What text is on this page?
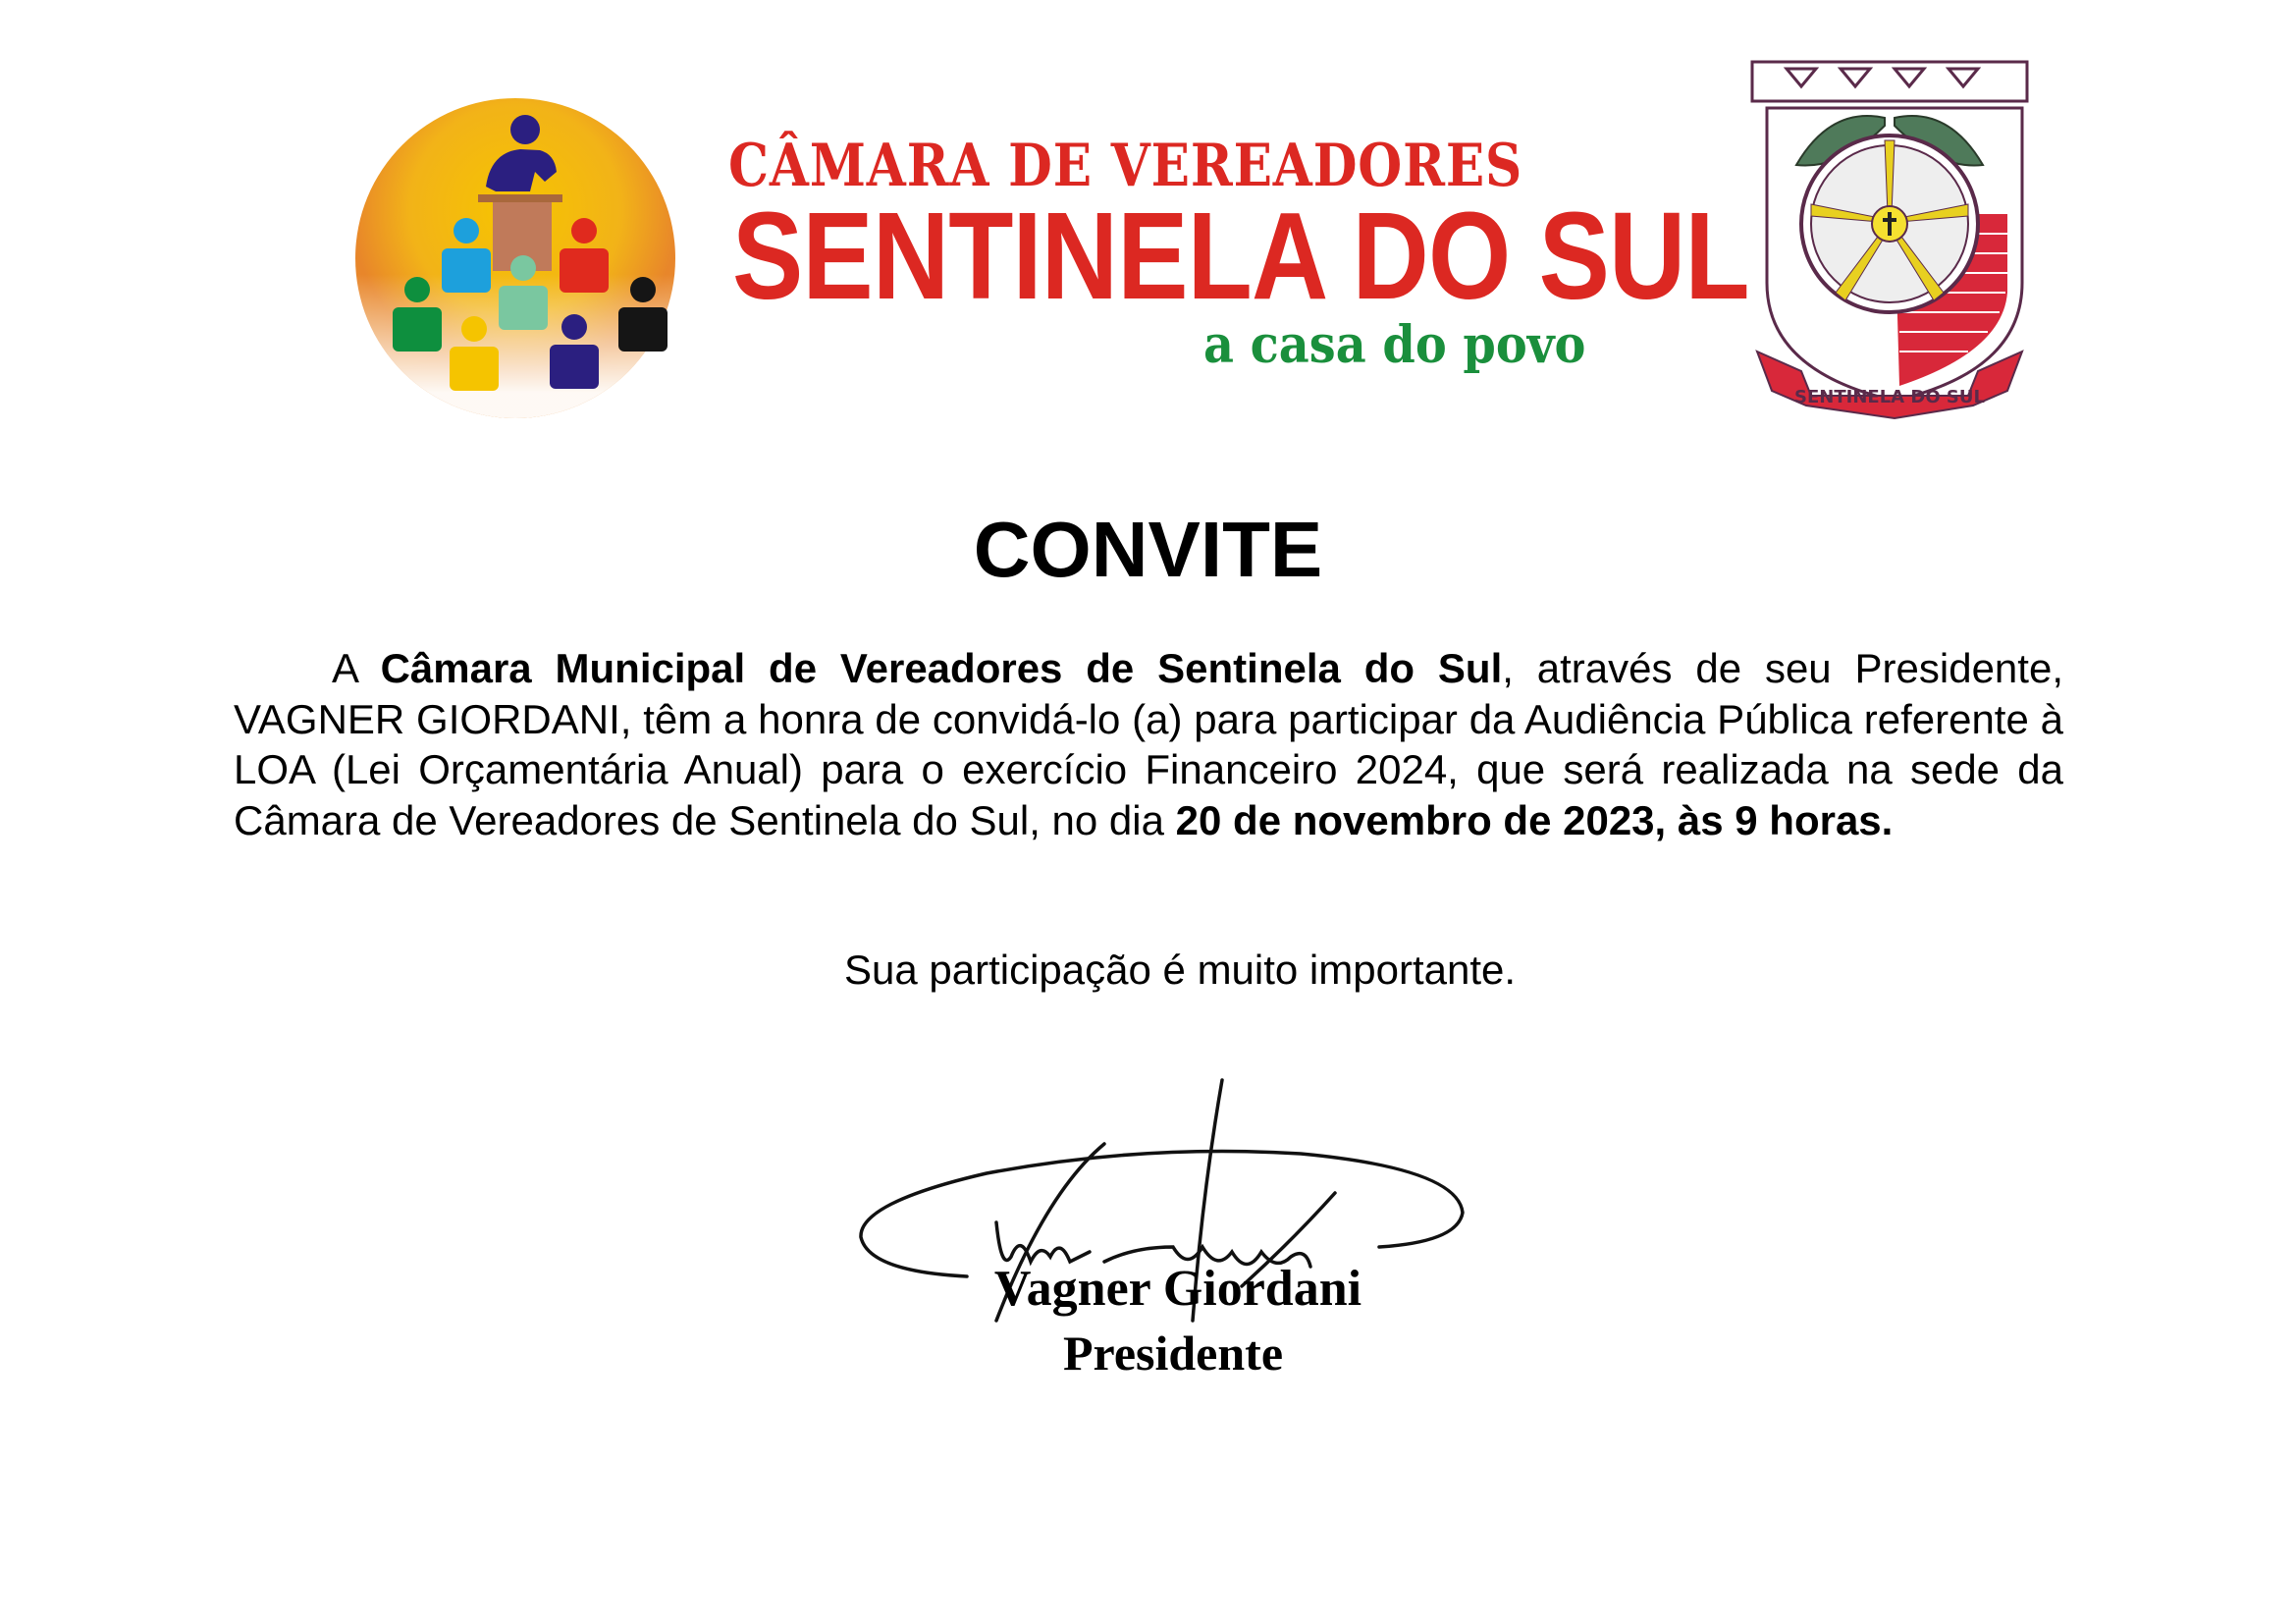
CÂMARA DE VEREADORES
SENTINELA DO SUL
a casa do povo
SENTINELA DO SUL
CONVITE
A Câmara Municipal de Vereadores de Sentinela do Sul, através de seu Presidente, VAGNER GIORDANI, têm a honra de convidá-lo (a) para participar da Audiência Pública referente à LOA (Lei Orçamentária Anual) para o exercício Financeiro 2024, que será realizada na sede da Câmara de Vereadores de Sentinela do Sul, no dia 20 de novembro de 2023, às 9 horas.
Sua participação é muito importante.
Vagner Giordani
Presidente
